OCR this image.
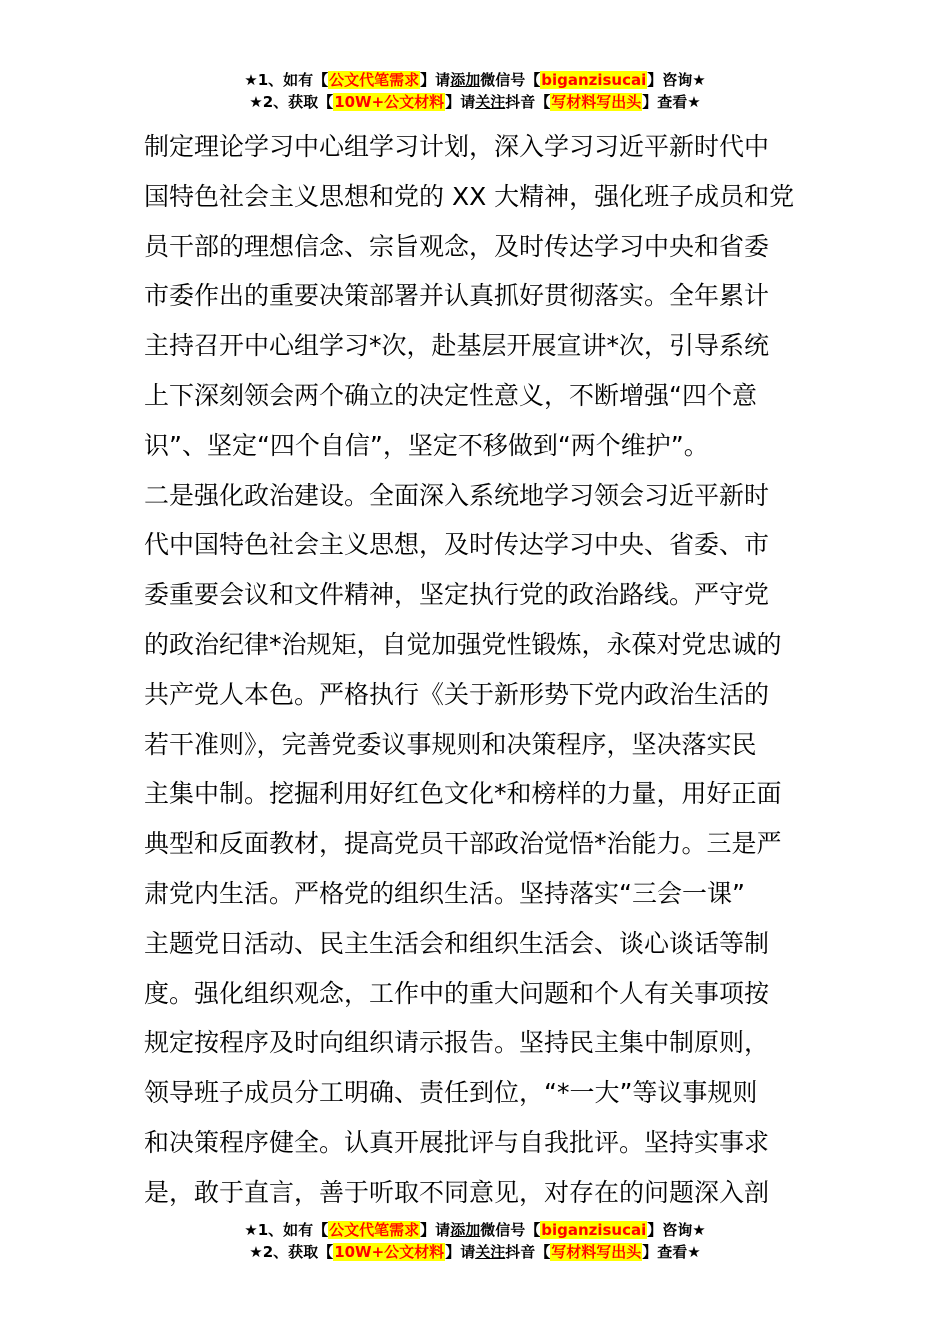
★1、如有【公文代笔需求】请添加微信号【biganzisucai】咨询★
★2、获取【10W+公文材料】请关注抖音【写材料写出头】查看★
制定理论学习中心组学习计划，深入学习习近平新时代中
国特色社会主义思想和党的 XX 大精神，强化班子成员和党
员干部的理想信念、宗旨观念，及时传达学习中央和省委
市委作出的重要决策部署并认真抓好贯彻落实。全年累计
主持召开中心组学习*次，赴基层开展宣讲*次，引导系统
上下深刻领会两个确立的决定性意义，不断增强“四个意
识”、坚定“四个自信”，坚定不移做到“两个维护”。
二是强化政治建设。全面深入系统地学习领会习近平新时
代中国特色社会主义思想，及时传达学习中央、省委、市
委重要会议和文件精神，坚定执行党的政治路线。严守党
的政治纪律*治规矩，自觉加强党性锻炼，永葆对党忠诚的
共产党人本色。严格执行《关于新形势下党内政治生活的
若干准则》，完善党委议事规则和决策程序，坚决落实民
主集中制。挖掘利用好红色文化*和榜样的力量，用好正面
典型和反面教材，提高党员干部政治觉悟*治能力。三是严
肃党内生活。严格党的组织生活。坚持落实“三会一课”
主题党日活动、民主生活会和组织生活会、谈心谈话等制
度。强化组织观念，工作中的重大问题和个人有关事项按
规定按程序及时向组织请示报告。坚持民主集中制原则，
领导班子成员分工明确、责任到位，“*一大”等议事规则
和决策程序健全。认真开展批评与自我批评。坚持实事求
是，敢于直言，善于听取不同意见，对存在的问题深入剖
★1、如有【公文代笔需求】请添加微信号【biganzisucai】咨询★
★2、获取【10W+公文材料】请关注抖音【写材料写出头】查看★
